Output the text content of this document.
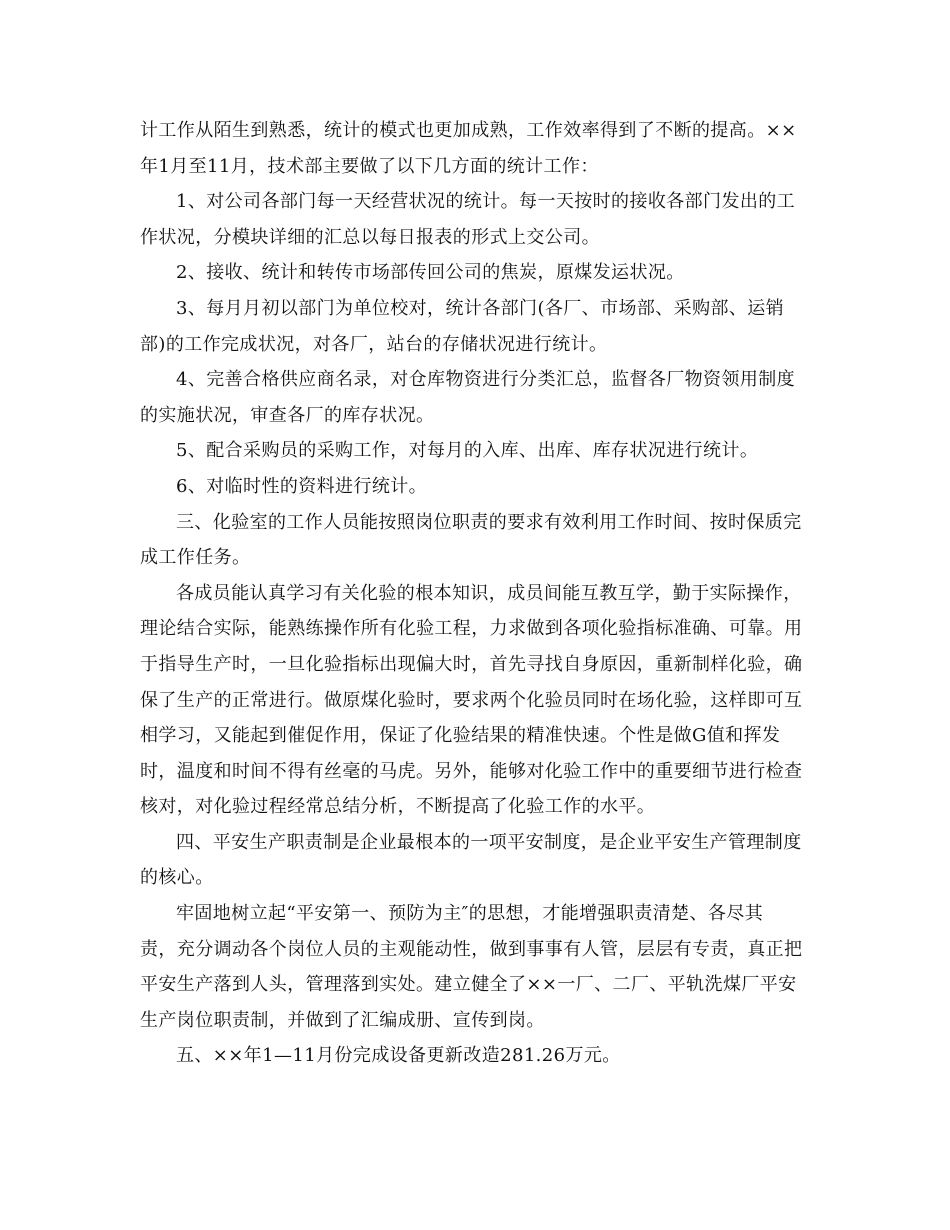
计工作从陌生到熟悉，统计的模式也更加成熟，工作效率得到了不断的提高。××
年1月至11月，技术部主要做了以下几方面的统计工作：

1、对公司各部门每一天经营状况的统计。每一天按时的接收各部门发出的工
作状况，分模块详细的汇总以每日报表的形式上交公司。

2、接收、统计和转传市场部传回公司的焦炭，原煤发运状况。

3、每月月初以部门为单位校对，统计各部门(各厂、市场部、采购部、运销
部)的工作完成状况，对各厂，站台的存储状况进行统计。

4、完善合格供应商名录，对仓库物资进行分类汇总，监督各厂物资领用制度
的实施状况，审查各厂的库存状况。

5、配合采购员的采购工作，对每月的入库、出库、库存状况进行统计。

6、对临时性的资料进行统计。

三、化验室的工作人员能按照岗位职责的要求有效利用工作时间、按时保质完
成工作任务。

各成员能认真学习有关化验的根本知识，成员间能互教互学，勤于实际操作，
理论结合实际，能熟练操作所有化验工程，力求做到各项化验指标准确、可靠。用
于指导生产时，一旦化验指标出现偏大时，首先寻找自身原因，重新制样化验，确
保了生产的正常进行。做原煤化验时，要求两个化验员同时在场化验，这样即可互
相学习，又能起到催促作用，保证了化验结果的精准快速。个性是做G值和挥发
时，温度和时间不得有丝毫的马虎。另外，能够对化验工作中的重要细节进行检查
核对，对化验过程经常总结分析，不断提高了化验工作的水平。

四、平安生产职责制是企业最根本的一项平安制度，是企业平安生产管理制度
的核心。

牢固地树立起“平安第一、预防为主″的思想，才能增强职责清楚、各尽其
责，充分调动各个岗位人员的主观能动性，做到事事有人管，层层有专责，真正把
平安生产落到人头，管理落到实处。建立健全了××一厂、二厂、平轨洗煤厂平安
生产岗位职责制，并做到了汇编成册、宣传到岗。

五、××年1—11月份完成设备更新改造281.26万元。
